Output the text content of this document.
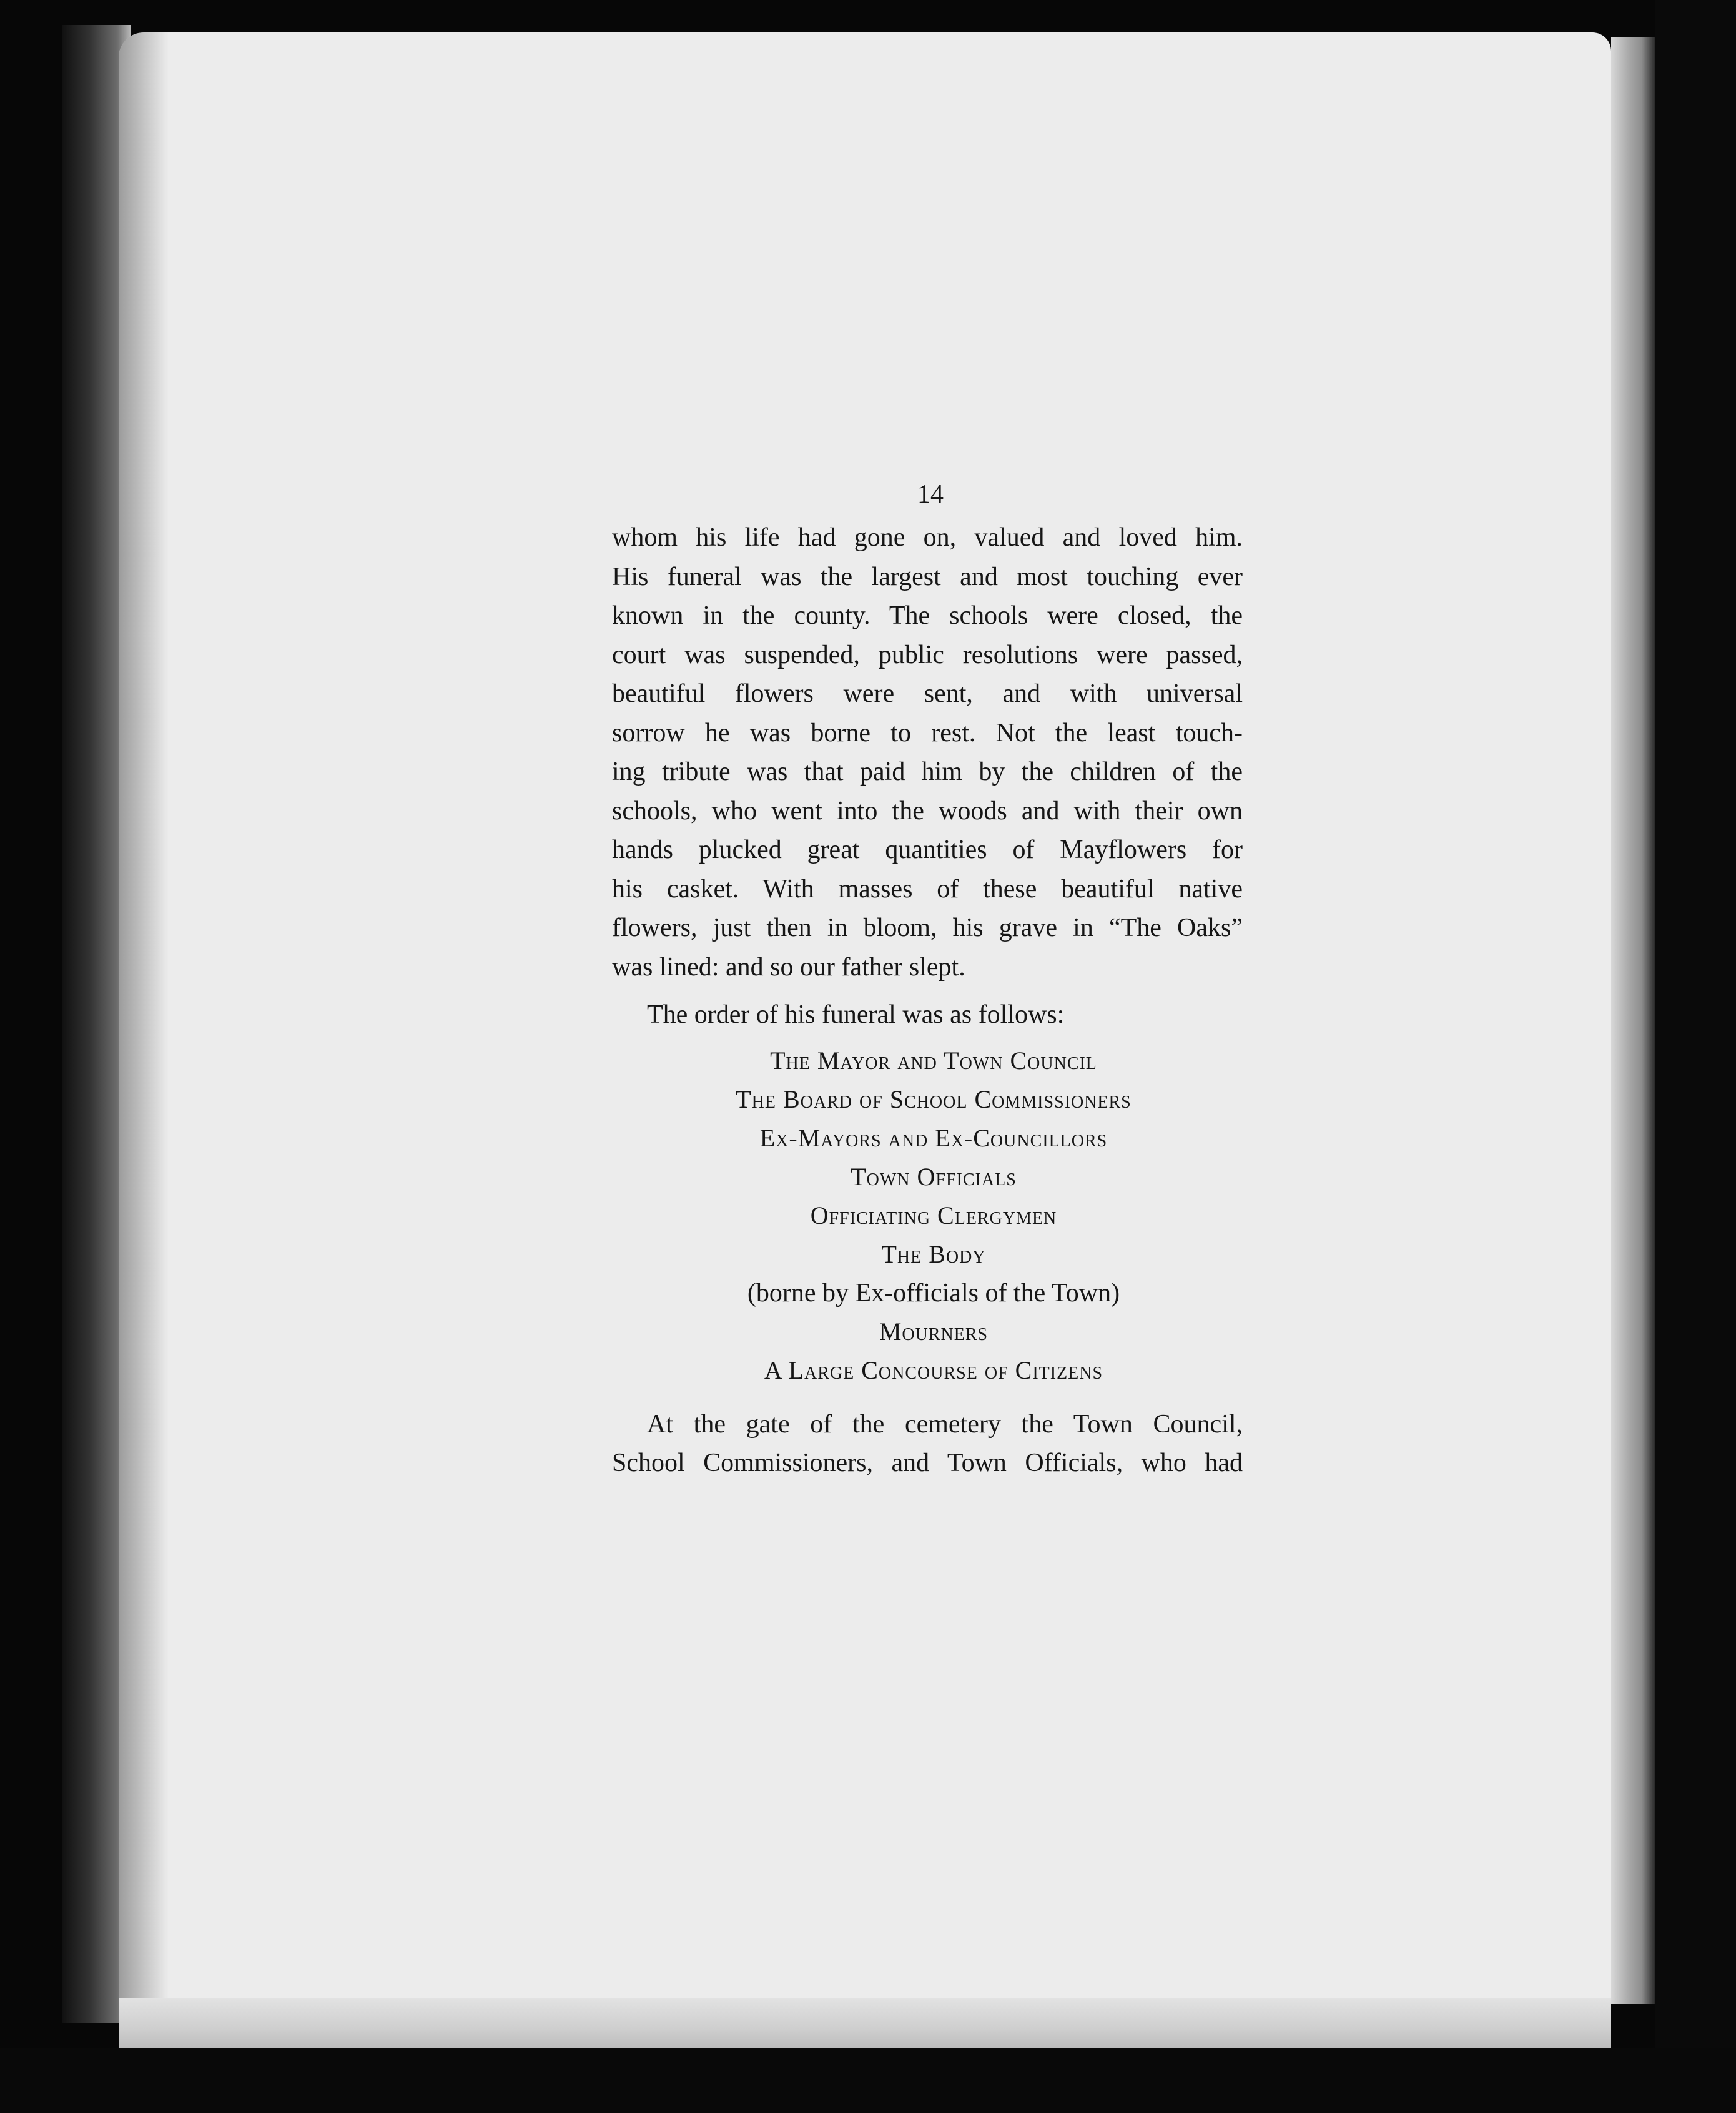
14
whom his life had gone on, valued and loved him.
His funeral was the largest and most touching ever
known in the county. The schools were closed, the
court was suspended, public resolutions were passed,
beautiful flowers were sent, and with universal
sorrow he was borne to rest. Not the least touch-
ing tribute was that paid him by the children of the
schools, who went into the woods and with their own
hands plucked great quantities of Mayflowers for
his casket. With masses of these beautiful native
flowers, just then in bloom, his grave in “The Oaks”
was lined: and so our father slept.
The order of his funeral was as follows:
The Mayor and Town Council
The Board of School Commissioners
Ex-Mayors and Ex-Councillors
Town Officials
Officiating Clergymen
The Body
(borne by Ex-officials of the Town)
Mourners
A Large Concourse of Citizens
At the gate of the cemetery the Town Council,
School Commissioners, and Town Officials, who had
